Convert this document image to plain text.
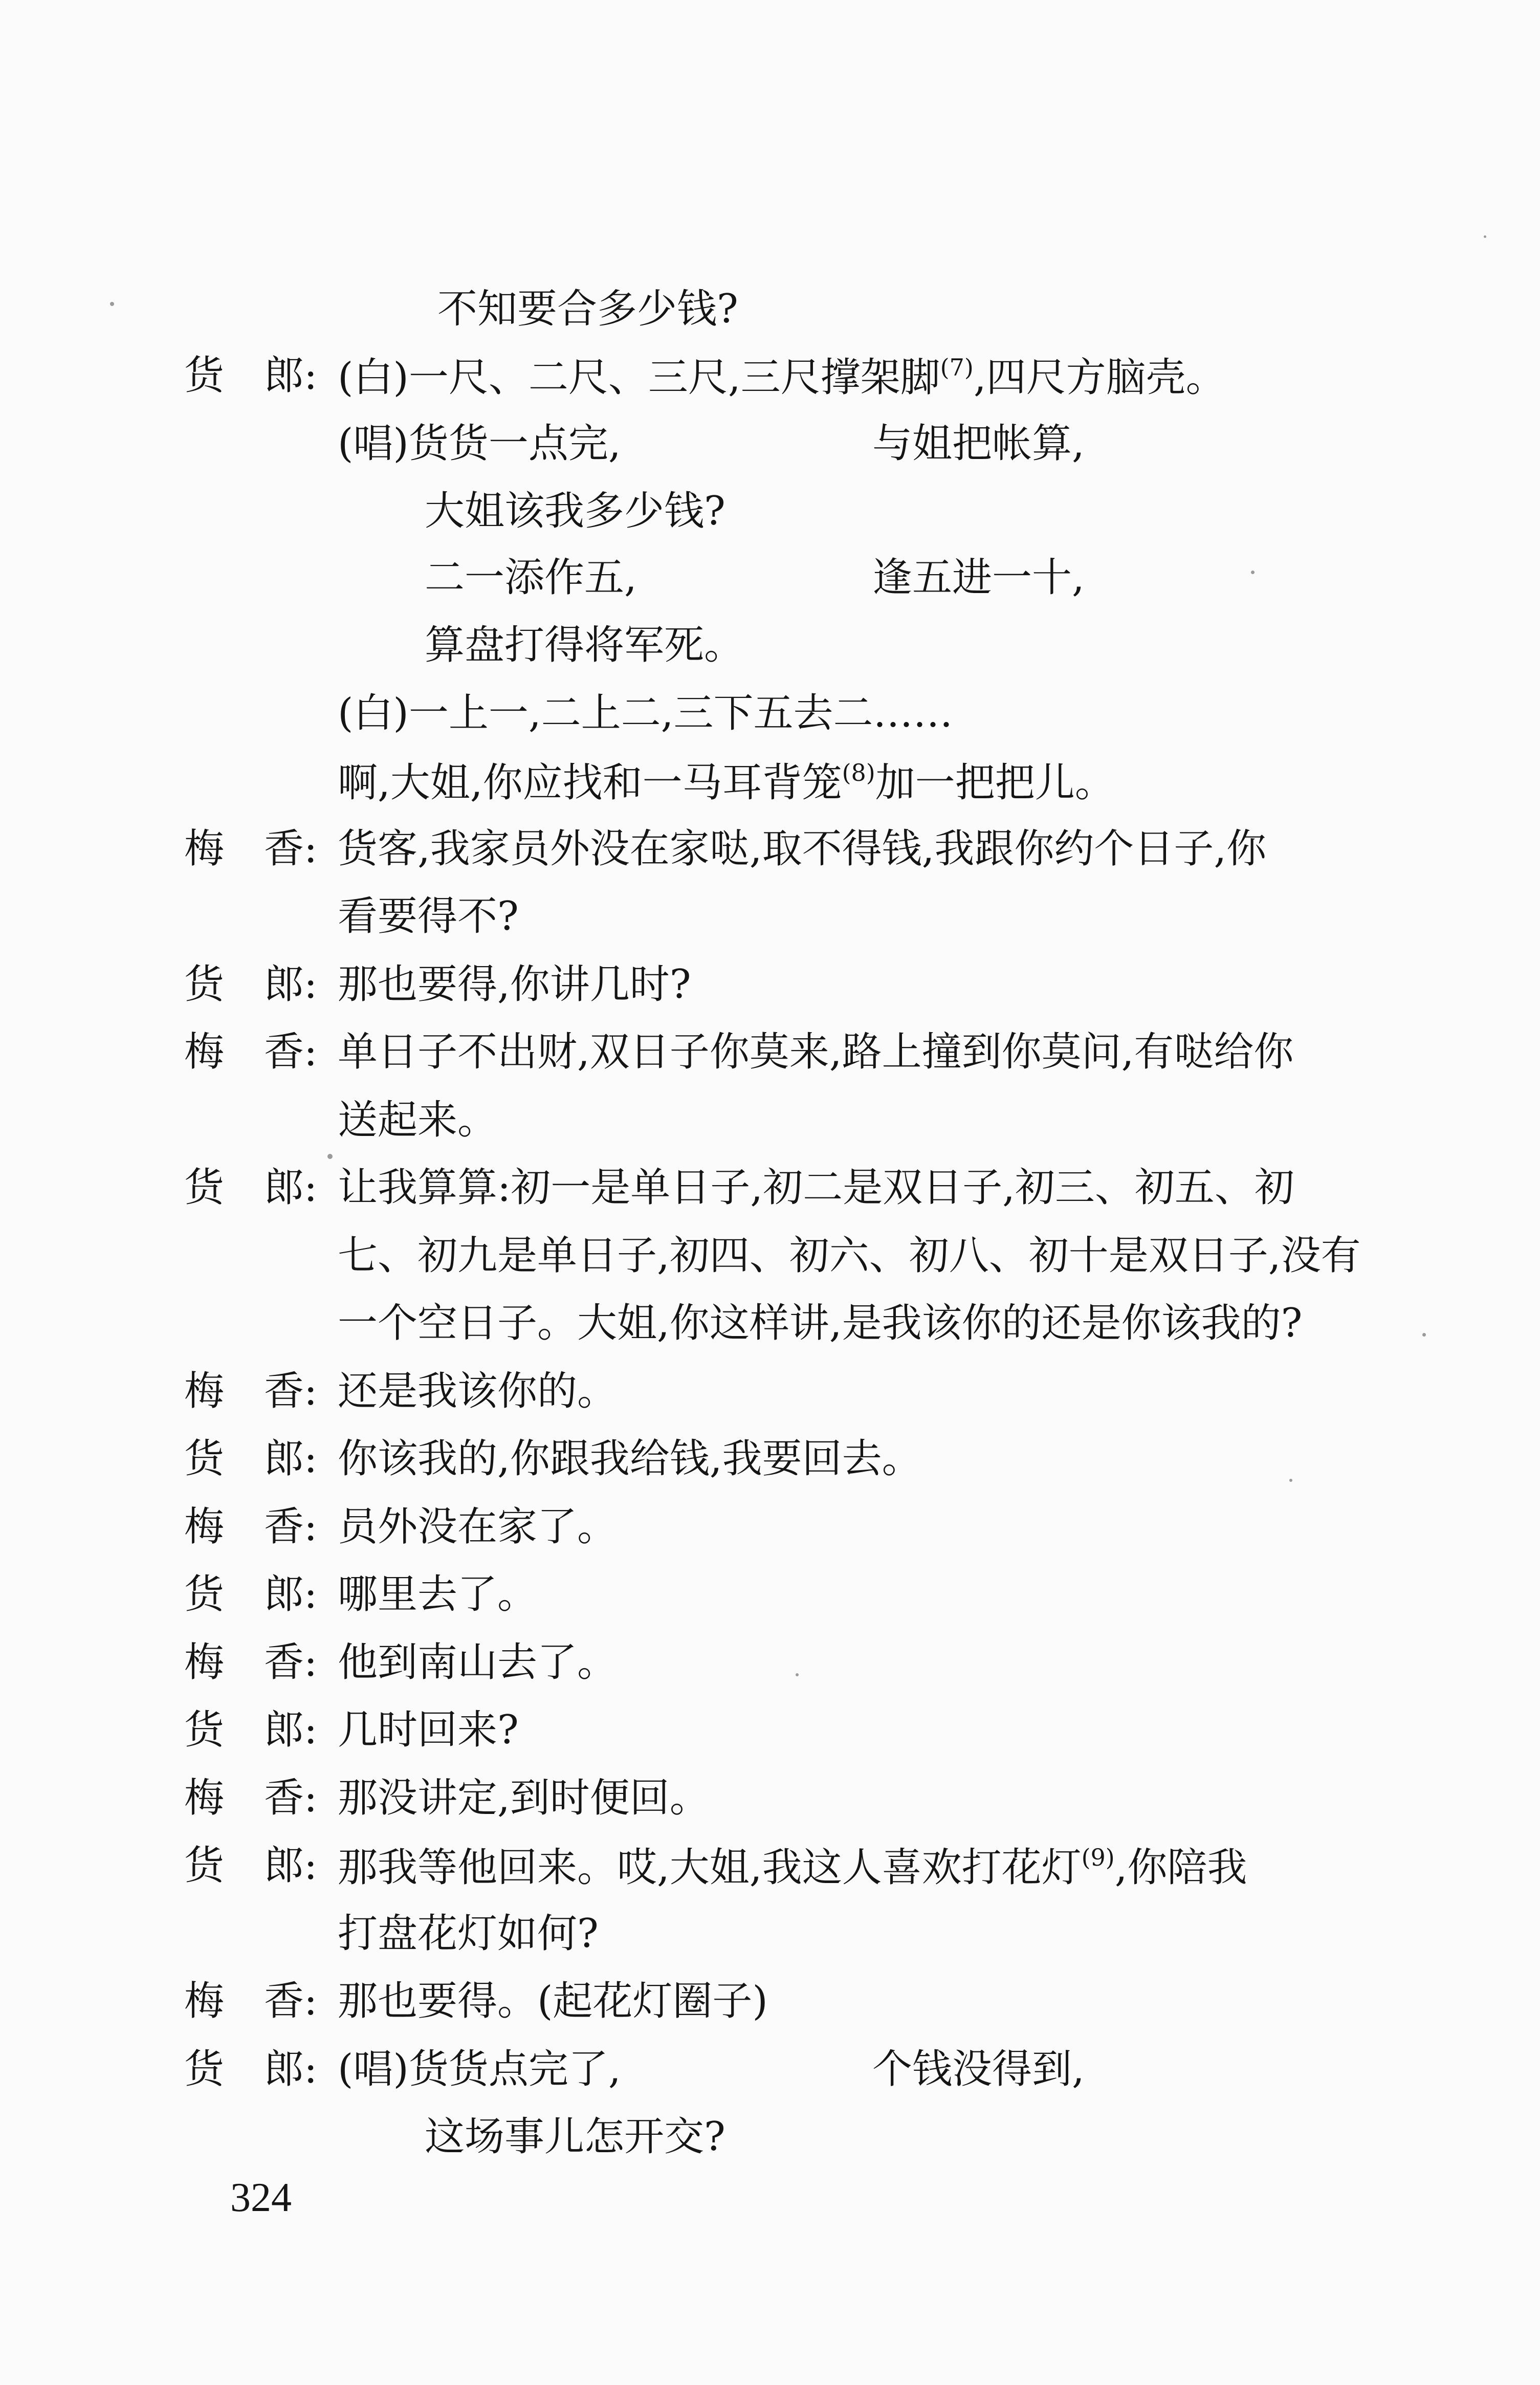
不知要合多少钱?
货　郎: (白)一尺、二尺、三尺,三尺撑架脚$^{(7)}$,四尺方脑壳。
(唱)货货一点完,	与姐把帐算,
大姐该我多少钱?
二一添作五,	逢五进一十,
算盘打得将军死。
(白)一上一,二上二,三下五去二……
啊,大姐,你应找和一马耳背笼$^{(8)}$加一把把儿。
梅　香: 货客,我家员外没在家哒,取不得钱,我跟你约个日子,你
看要得不?
货　郎: 那也要得,你讲几时?
梅　香: 单日子不出财,双日子你莫来,路上撞到你莫问,有哒给你
送起来。
货　郎: 让我算算:初一是单日子,初二是双日子,初三、初五、初
七、初九是单日子,初四、初六、初八、初十是双日子,没有
一个空日子。大姐,你这样讲,是我该你的还是你该我的?
梅　香: 还是我该你的。
货　郎: 你该我的,你跟我给钱,我要回去。
梅　香: 员外没在家了。
货　郎: 哪里去了。
梅　香: 他到南山去了。
货　郎: 几时回来?
梅　香: 那没讲定,到时便回。
货　郎: 那我等他回来。哎,大姐,我这人喜欢打花灯$^{(9)}$,你陪我
打盘花灯如何?
梅　香: 那也要得。(起花灯圈子)
货　郎: (唱)货货点完了,	个钱没得到,
这场事儿怎开交?
324
